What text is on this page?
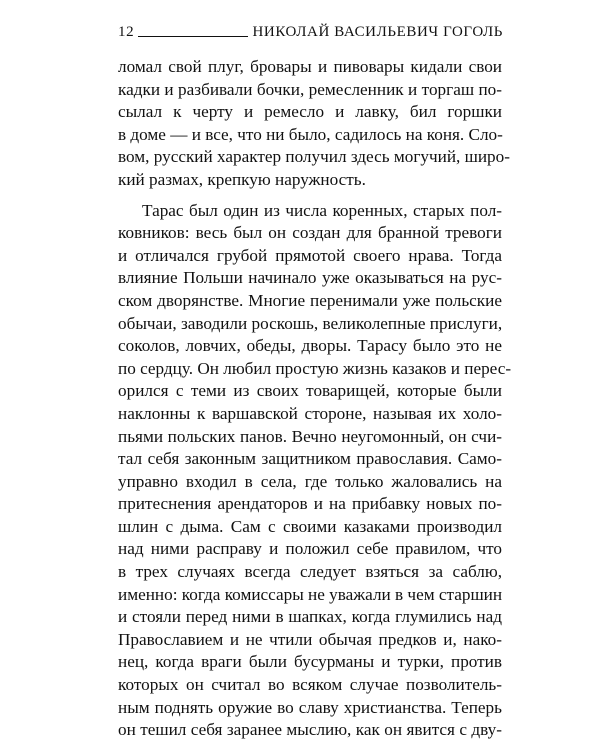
12	НИКОЛАЙ ВАСИЛЬЕВИЧ ГОГОЛЬ
ломал свой плуг, бровары и пивовары кидали свои
кадки и разбивали бочки, ремесленник и торгаш по-
сылал к черту и ремесло и лавку, бил горшки
в доме — и все, что ни было, садилось на коня. Сло-
вом, русский характер получил здесь могучий, широ-
кий размах, крепкую наружность.
Тарас был один из числа коренных, старых пол-
ковников: весь был он создан для бранной тревоги
и отличался грубой прямотой своего нрава. Тогда
влияние Польши начинало уже оказываться на рус-
ском дворянстве. Многие перенимали уже польские
обычаи, заводили роскошь, великолепные прислуги,
соколов, ловчих, обеды, дворы. Тарасу было это не
по сердцу. Он любил простую жизнь казаков и перес-
орился с теми из своих товарищей, которые были
наклонны к варшавской стороне, называя их холо-
пьями польских панов. Вечно неугомонный, он счи-
тал себя законным защитником православия. Само-
управно входил в села, где только жаловались на
притеснения арендаторов и на прибавку новых по-
шлин с дыма. Сам с своими казаками производил
над ними расправу и положил себе правилом, что
в трех случаях всегда следует взяться за саблю,
именно: когда комиссары не уважали в чем старшин
и стояли перед ними в шапках, когда глумились над
Православием и не чтили обычая предков и, нако-
нец, когда враги были бусурманы и турки, против
которых он считал во всяком случае позволитель-
ным поднять оружие во славу христианства. Теперь
он тешил себя заранее мыслию, как он явится с дву-
